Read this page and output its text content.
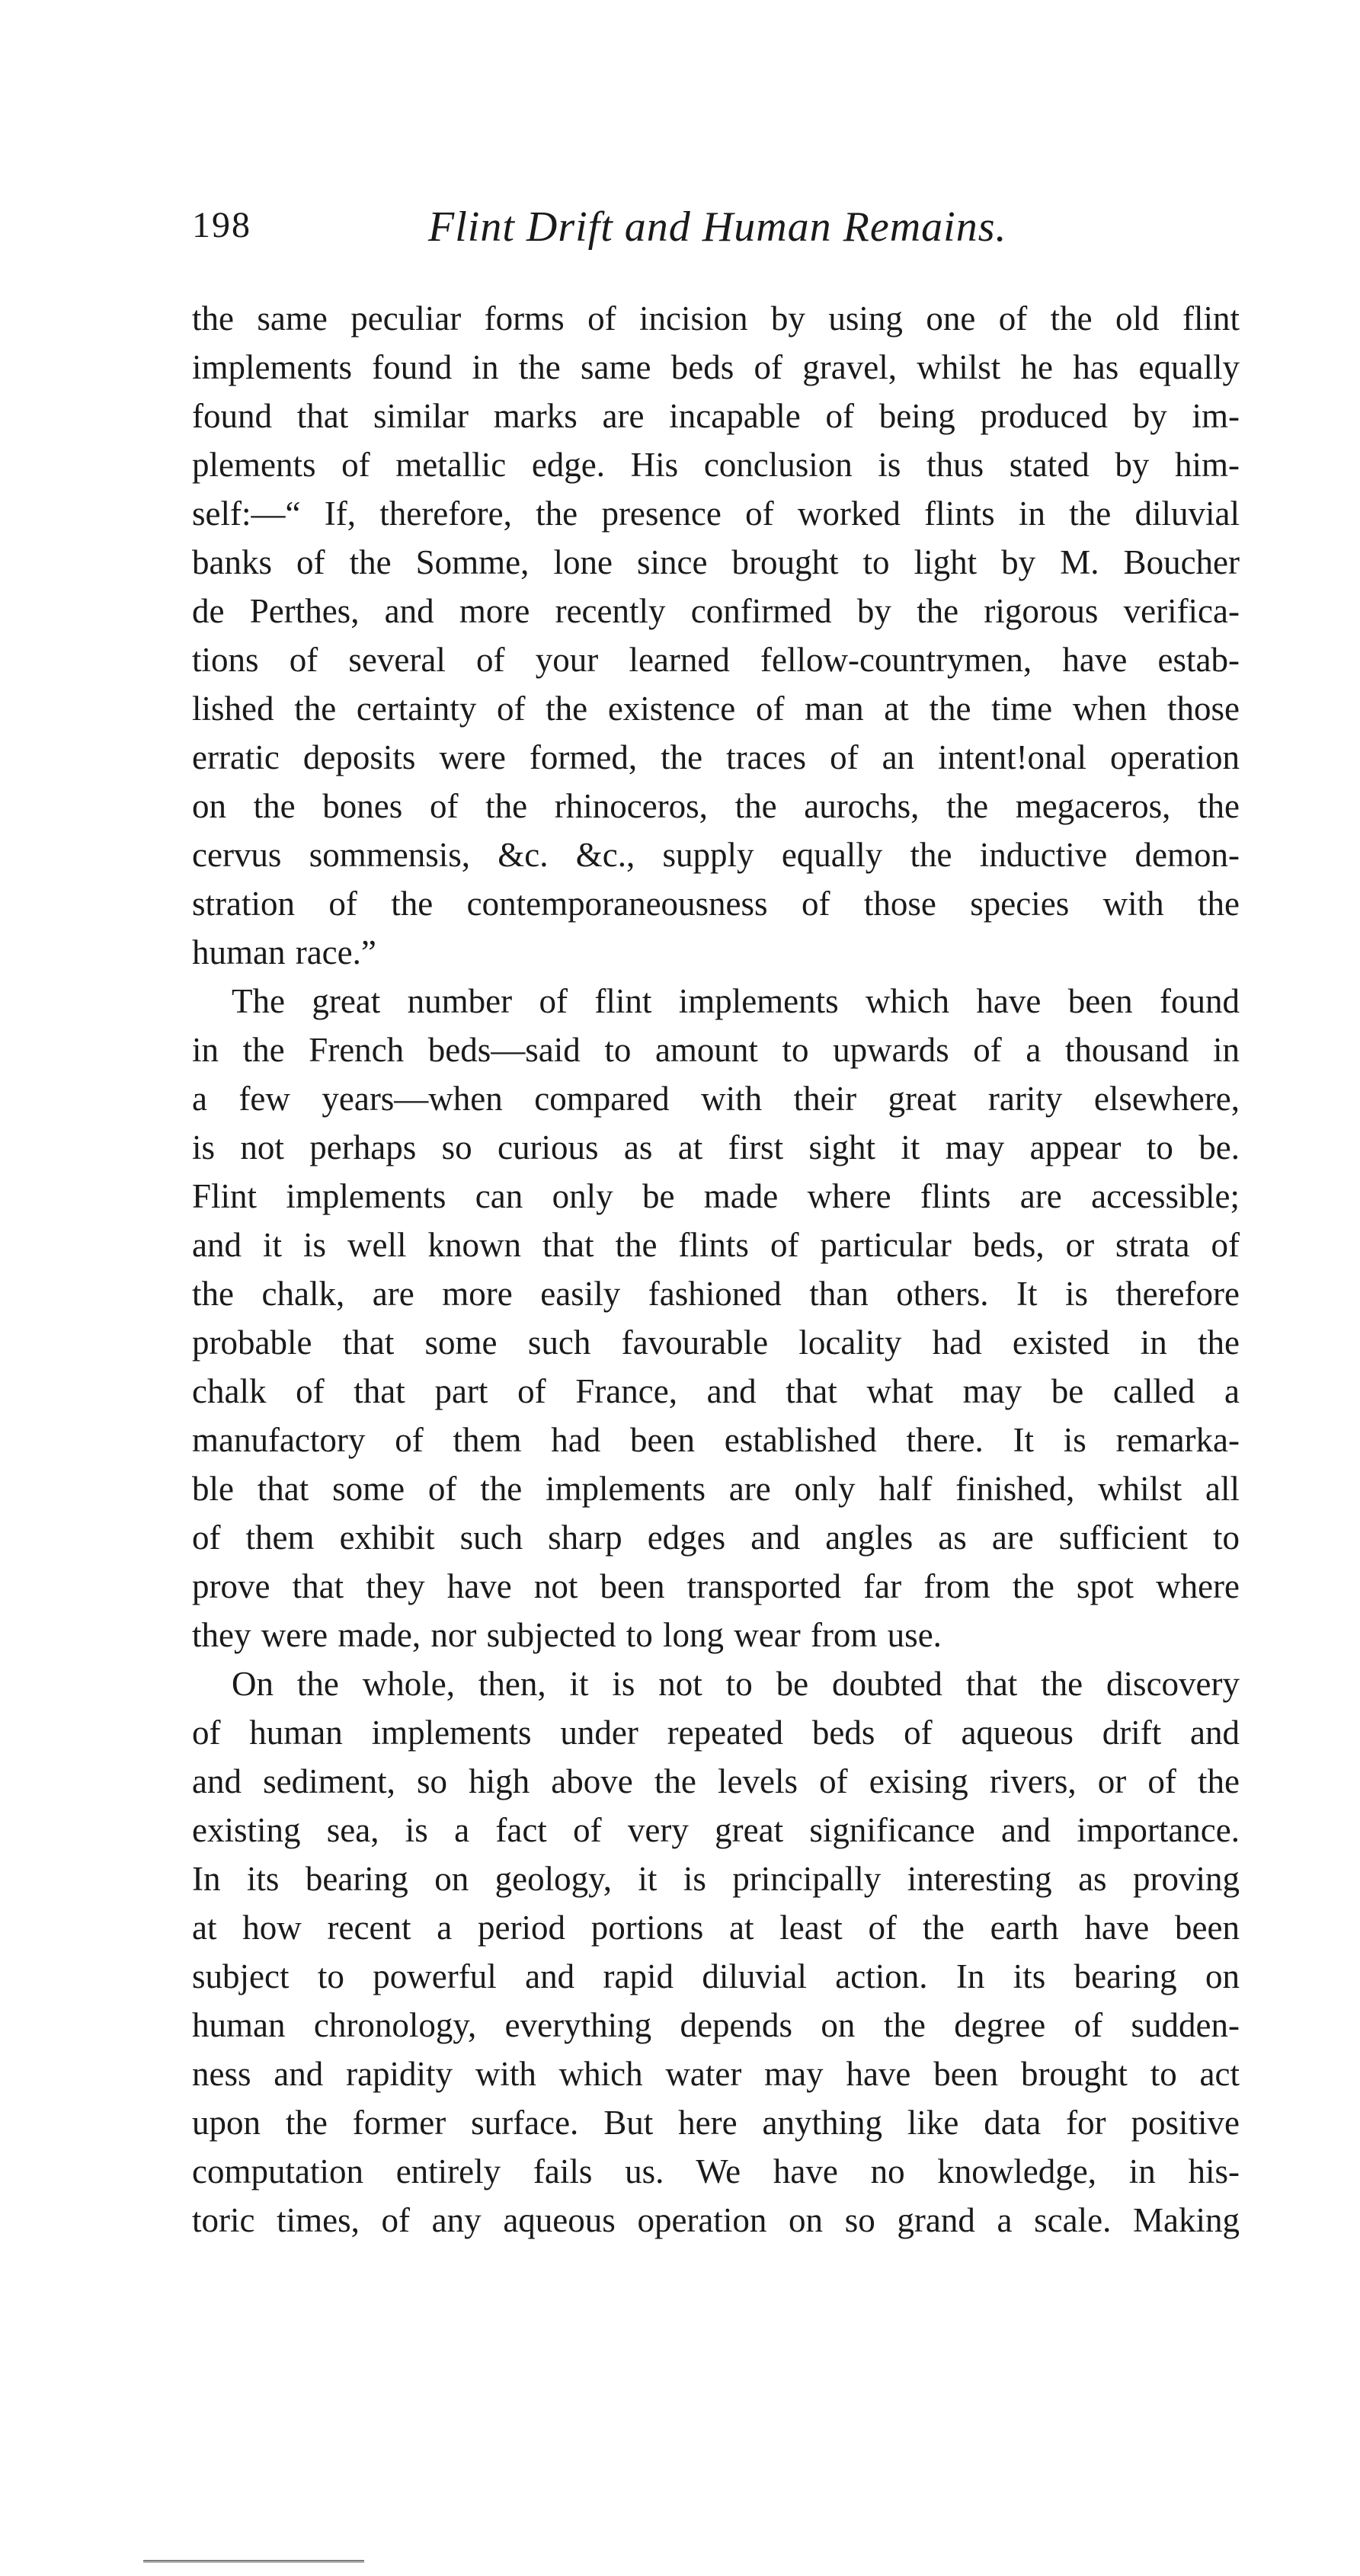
198	Flint Drift and Human Remains.

the same peculiar forms of incision by using one of the old flint
implements found in the same beds of gravel, whilst he has equally
found that similar marks are incapable of being produced by im-
plements of metallic edge. His conclusion is thus stated by him-
self:—“ If, therefore, the presence of worked flints in the diluvial
banks of the Somme, lone since brought to light by M. Boucher
de Perthes, and more recently confirmed by the rigorous verifica-
tions of several of your learned fellow-countrymen, have estab-
lished the certainty of the existence of man at the time when those
erratic deposits were formed, the traces of an intent!onal operation
on the bones of the rhinoceros, the aurochs, the megaceros, the
cervus sommensis, &c. &c., supply equally the inductive demon-
stration of the contemporaneousness of those species with the
human race.”

The great number of flint implements which have been found
in the French beds—said to amount to upwards of a thousand in
a few years—when compared with their great rarity elsewhere,
is not perhaps so curious as at first sight it may appear to be.
Flint implements can only be made where flints are accessible;
and it is well known that the flints of particular beds, or strata of
the chalk, are more easily fashioned than others. It is therefore
probable that some such favourable locality had existed in the
chalk of that part of France, and that what may be called a
manufactory of them had been established there. It is remarka-
ble that some of the implements are only half finished, whilst all
of them exhibit such sharp edges and angles as are sufficient to
prove that they have not been transported far from the spot where
they were made, nor subjected to long wear from use.

On the whole, then, it is not to be doubted that the discovery
of human implements under repeated beds of aqueous drift and
and sediment, so high above the levels of exising rivers, or of the
existing sea, is a fact of very great significance and importance.
In its bearing on geology, it is principally interesting as proving
at how recent a period portions at least of the earth have been
subject to powerful and rapid diluvial action. In its bearing on
human chronology, everything depends on the degree of sudden-
ness and rapidity with which water may have been brought to act
upon the former surface. But here anything like data for positive
computation entirely fails us. We have no knowledge, in his-
toric times, of any aqueous operation on so grand a scale. Making
